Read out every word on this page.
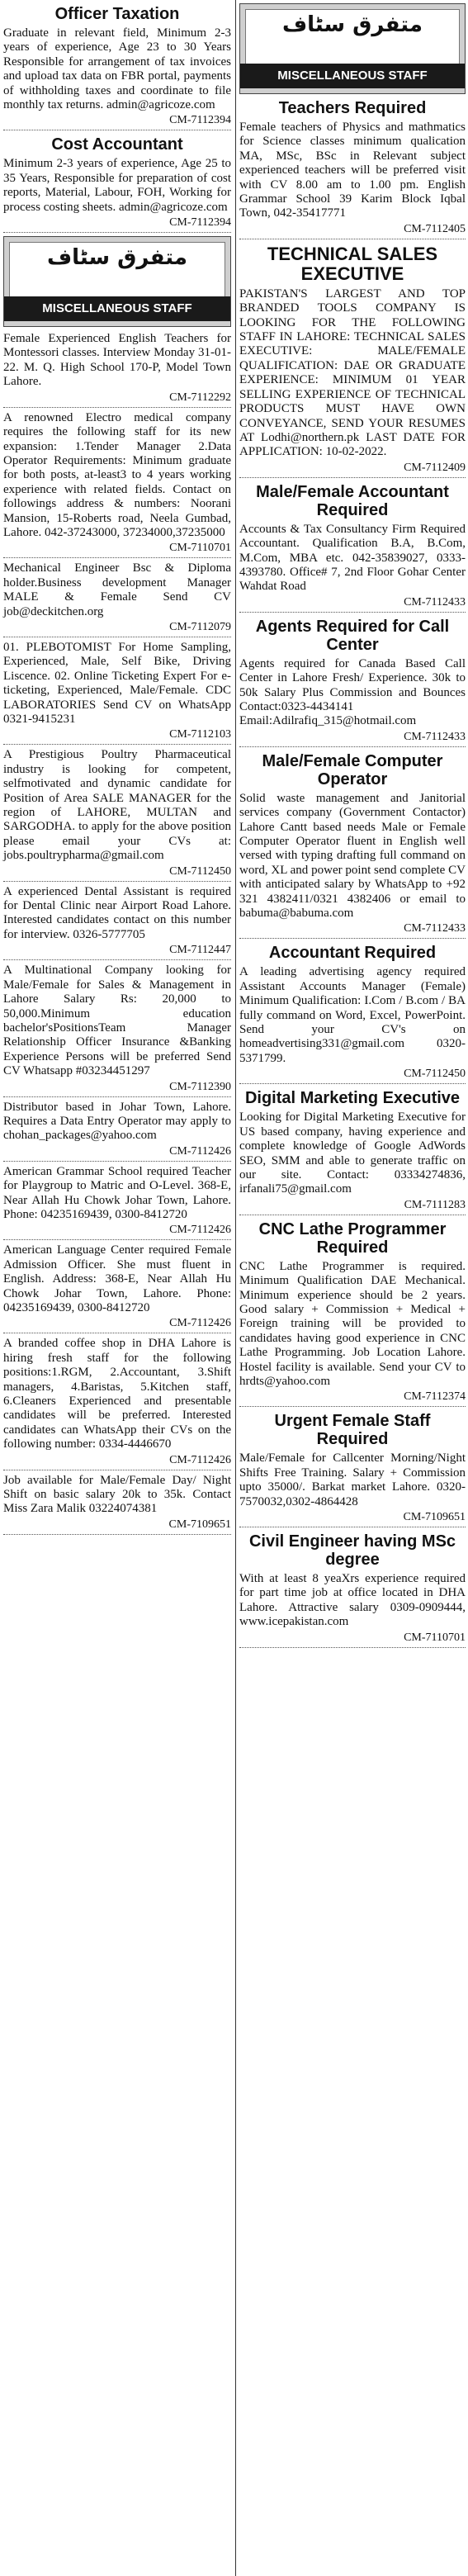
Officer Taxation

Graduate in relevant field, Minimum 2-3 years of experience, Age 23 to 30 Years Responsible for arrangement of tax invoices and upload tax data on FBR portal, payments of withholding taxes and coordinate to file monthly tax returns. admin@agricoze.com

CM-7112394
Cost Accountant

Minimum 2-3 years of experience, Age 25 to 35 Years, Responsible for preparation of cost reports, Material, Labour, FOH, Working for process costing sheets. admin@agricoze.com

CM-7112394
متفرق سٹاف
MISCELLANEOUS STAFF

Female Experienced English Teachers for Montessori classes. Interview Monday 31-01-22. M. Q. High School 170-P, Model Town Lahore.

CM-7112292

A renowned Electro medical company requires the following staff for its new expansion: 1.Tender Manager 2.Data Operator Requirements: Minimum graduate for both posts, at-least3 to 4 years working experience with related fields. Contact on followings address & numbers: Noorani Mansion, 15-Roberts road, Neela Gumbad, Lahore. 042-37243000, 37234000,37235000

CM-7110701

Mechanical Engineer Bsc & Diploma holder.Business development Manager MALE & Female Send CV job@deckitchen.org

CM-7112079

01. PLEBOTOMIST For Home Sampling, Experienced, Male, Self Bike, Driving Liscence. 02. Online Ticketing Expert For e-ticketing, Experienced, Male/Female. CDC LABORATORIES Send CV on WhatsApp 0321-9415231

CM-7112103

A Prestigious Poultry Pharmaceutical industry is looking for competent, selfmotivated and dynamic candidate for Position of Area SALE MANAGER for the region of LAHORE, MULTAN and SARGODHA. to apply for the above position please email your CVs at: jobs.poultrypharma@gmail.com

CM-7112450

A experienced Dental Assistant is required for Dental Clinic near Airport Road Lahore. Interested candidates contact on this number for interview. 0326-5777705

CM-7112447

A Multinational Company looking for Male/Female for Sales & Management in Lahore Salary Rs: 20,000 to 50,000.Minimum education bachelor'sPositionsTeam Manager Relationship Officer Insurance &Banking Experience Persons will be preferred Send CV Whatsapp #03234451297

CM-7112390

Distributor based in Johar Town, Lahore. Requires a Data Entry Operator may apply to chohan_packages@yahoo.com

CM-7112426

American Grammar School required Teacher for Playgroup to Matric and O-Level. 368-E, Near Allah Hu Chowk Johar Town, Lahore. Phone: 04235169439, 0300-8412720

CM-7112426

American Language Center required Female Admission Officer. She must fluent in English. Address: 368-E, Near Allah Hu Chowk Johar Town, Lahore. Phone: 04235169439, 0300-8412720

CM-7112426

A branded coffee shop in DHA Lahore is hiring fresh staff for the following positions:1.RGM, 2.Accountant, 3.Shift managers, 4.Baristas, 5.Kitchen staff, 6.Cleaners Experienced and presentable candidates will be preferred. Interested candidates can WhatsApp their CVs on the following number: 0334-4446670

CM-7112426

Job available for Male/Female Day/ Night Shift on basic salary 20k to 35k. Contact Miss Zara Malik 03224074381

CM-7109651
متفرق سٹاف
MISCELLANEOUS STAFF
Teachers Required

Female teachers of Physics and mathmatics for Science classes minimum qualication MA, MSc, BSc in Relevant subject experienced teachers will be preferred visit with CV 8.00 am to 1.00 pm. English Grammar School 39 Karim Block Iqbal Town, 042-35417771

CM-7112405
TECHNICAL SALES EXECUTIVE

PAKISTAN'S LARGEST AND TOP BRANDED TOOLS COMPANY IS LOOKING FOR THE FOLLOWING STAFF IN LAHORE: TECHNICAL SALES EXECUTIVE: MALE/FEMALE QUALIFICATION: DAE OR GRADUATE EXPERIENCE: MINIMUM 01 YEAR SELLING EXPERIENCE OF TECHNICAL PRODUCTS MUST HAVE OWN CONVEYANCE, SEND YOUR RESUMES AT Lodhi@northern.pk LAST DATE FOR APPLICATION: 10-02-2022.

CM-7112409
Male/Female Accountant Required

Accounts & Tax Consultancy Firm Required Accountant. Qualification B.A, B.Com, M.Com, MBA etc. 042-35839027, 0333-4393780. Office# 7, 2nd Floor Gohar Center Wahdat Road

CM-7112433
Agents Required for Call Center

Agents required for Canada Based Call Center in Lahore Fresh/ Experience. 30k to 50k Salary Plus Commission and Bounces Contact:0323-4434141 Email:Adilrafiq_315@hotmail.com

CM-7112433
Male/Female Computer Operator

Solid waste management and Janitorial services company (Government Contactor) Lahore Cantt based needs Male or Female Computer Operator fluent in English well versed with typing drafting full command on word, XL and power point send complete CV with anticipated salary by WhatsApp to +92 321 4382411/0321 4382406 or email to babuma@babuma.com

CM-7112433
Accountant Required

A leading advertising agency required Assistant Accounts Manager (Female) Minimum Qualification: I.Com / B.com / BA fully command on Word, Excel, PowerPoint. Send your CV's on homeadvertising331@gmail.com 0320-5371799.

CM-7112450
Digital Marketing Executive

Looking for Digital Marketing Executive for US based company, having experience and complete knowledge of Google AdWords SEO, SMM and able to generate traffic on our site. Contact: 03334274836, irfanali75@gmail.com

CM-7111283
CNC Lathe Programmer Required

CNC Lathe Programmer is required. Minimum Qualification DAE Mechanical. Minimum experience should be 2 years. Good salary + Commission + Medical + Foreign training will be provided to candidates having good experience in CNC Lathe Programming. Job Location Lahore. Hostel facility is available. Send your CV to hrdts@yahoo.com

CM-7112374
Urgent Female Staff Required

Male/Female for Callcenter Morning/Night Shifts Free Training. Salary + Commission upto 35000/. Barkat market Lahore. 0320-7570032,0302-4864428

CM-7109651
Civil Engineer having MSc degree

With at least 8 yeaXrs experience required for part time job at office located in DHA Lahore. Attractive salary 0309-0909444, www.icepakistan.com

CM-7110701
